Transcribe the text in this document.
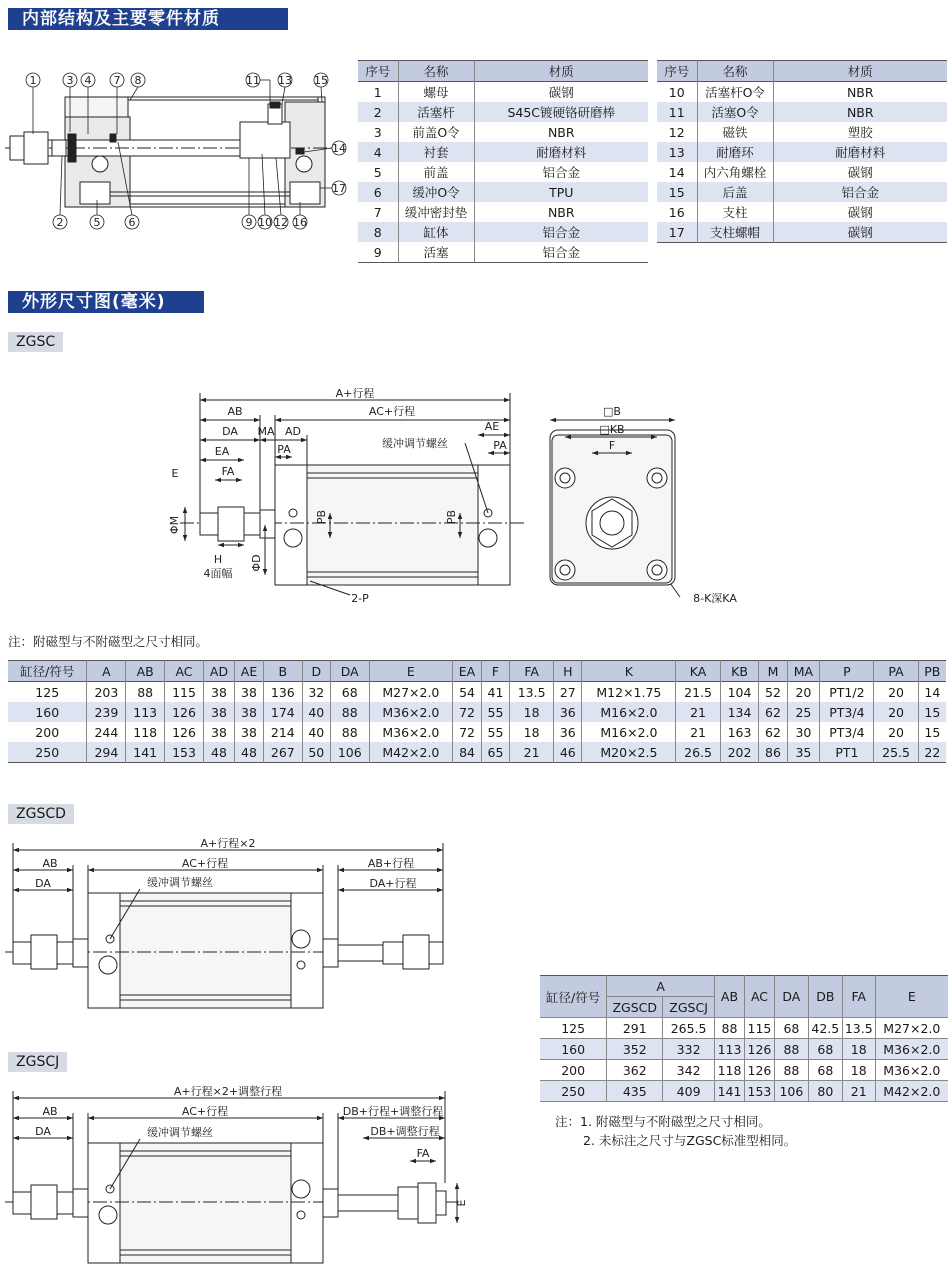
内部结构及主要零件材质
1	3 4 7 8	11 13 15
14
17
2	5	6	9 10 12 16
序号	名称	材质
1	螺母	碳钢
2	活塞杆	S45C镀硬铬研磨棒
3	前盖O令	NBR
4	衬套	耐磨材料
5	前盖	铝合金
6	缓冲O令	TPU
7	缓冲密封垫	NBR
8	缸体	铝合金
9	活塞	铝合金
序号	名称	材质
10	活塞杆O令	NBR
11	活塞O令	NBR
12	磁铁	塑胶
13	耐磨环	耐磨材料
14	内六角螺栓	碳钢
15	后盖	铝合金
16	支柱	碳钢
17	支柱螺帽	碳钢
外形尺寸图(毫米)
ZGSC
A+行程
AB	AC+行程
DA MA AD
EA	PA
AE
PA
缓冲调节螺丝
E	FA
ΦM	PB	PB
H
4面幅
ΦD
2-P
□B
□KB
F
8-K深KA
注：附磁型与不附磁型之尺寸相同。
缸径/符号	A	AB	AC	AD	AE	B	D	DA	E	EA	F	FA	H	K	KA	KB	M	MA	P	PA	PB
125	203	88	115	38	38	136	32	68	M27×2.0	54	41	13.5	27	M12×1.75	21.5	104	52	20	PT1/2	20	14
160	239	113	126	38	38	174	40	88	M36×2.0	72	55	18	36	M16×2.0	21	134	62	25	PT3/4	20	15
200	244	118	126	38	38	214	40	88	M36×2.0	72	55	18	36	M16×2.0	21	163	62	30	PT3/4	20	15
250	294	141	153	48	48	267	50	106	M42×2.0	84	65	21	46	M20×2.5	26.5	202	86	35	PT1	25.5	22
ZGSCD
A+行程×2
AB	AC+行程	AB+行程
DA	DA+行程
缓冲调节螺丝
缸径/符号	A		AB	AC	DA	DB	FA	E
	ZGSCD	ZGSCJ						
125	291	265.5	88	115	68	42.5	13.5	M27×2.0
160	352	332	113	126	88	68	18	M36×2.0
200	362	342	118	126	88	68	18	M36×2.0
250	435	409	141	153	106	80	21	M42×2.0
注：1. 附磁型与不附磁型之尺寸相同。
2. 未标注之尺寸与ZGSC标准型相同。
ZGSCJ
A+行程×2+调整行程
AB	AC+行程	DB+行程+调整行程
DA	DB+调整行程
缓冲调节螺丝
FA
E
